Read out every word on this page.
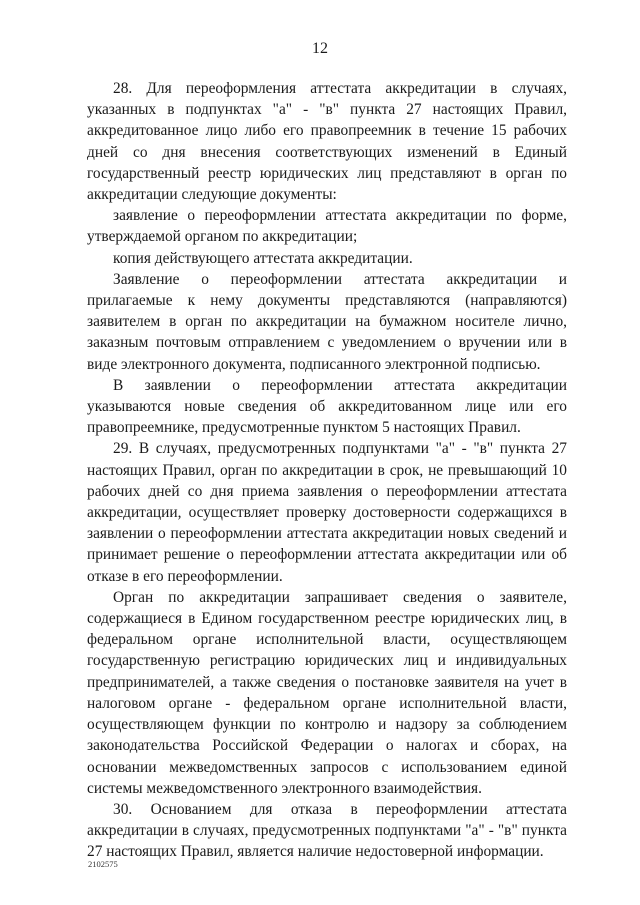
12

28. Для переоформления аттестата аккредитации в случаях, указанных в подпунктах "а" - "в" пункта 27 настоящих Правил, аккредитованное лицо либо его правопреемник в течение 15 рабочих дней со дня внесения соответствующих изменений в Единый государственный реестр юридических лиц представляют в орган по аккредитации следующие документы:

заявление о переоформлении аттестата аккредитации по форме, утверждаемой органом по аккредитации;

копия действующего аттестата аккредитации.

Заявление о переоформлении аттестата аккредитации и прилагаемые к нему документы представляются (направляются) заявителем в орган по аккредитации на бумажном носителе лично, заказным почтовым отправлением с уведомлением о вручении или в виде электронного документа, подписанного электронной подписью.

В заявлении о переоформлении аттестата аккредитации указываются новые сведения об аккредитованном лице или его правопреемнике, предусмотренные пунктом 5 настоящих Правил.

29. В случаях, предусмотренных подпунктами "а" - "в" пункта 27 настоящих Правил, орган по аккредитации в срок, не превышающий 10 рабочих дней со дня приема заявления о переоформлении аттестата аккредитации, осуществляет проверку достоверности содержащихся в заявлении о переоформлении аттестата аккредитации новых сведений и принимает решение о переоформлении аттестата аккредитации или об отказе в его переоформлении.

Орган по аккредитации запрашивает сведения о заявителе, содержащиеся в Едином государственном реестре юридических лиц, в федеральном органе исполнительной власти, осуществляющем государственную регистрацию юридических лиц и индивидуальных предпринимателей, а также сведения о постановке заявителя на учет в налоговом органе - федеральном органе исполнительной власти, осуществляющем функции по контролю и надзору за соблюдением законодательства Российской Федерации о налогах и сборах, на основании межведомственных запросов с использованием единой системы межведомственного электронного взаимодействия.

30. Основанием для отказа в переоформлении аттестата аккредитации в случаях, предусмотренных подпунктами "а" - "в" пункта 27 настоящих Правил, является наличие недостоверной информации.

2102575
